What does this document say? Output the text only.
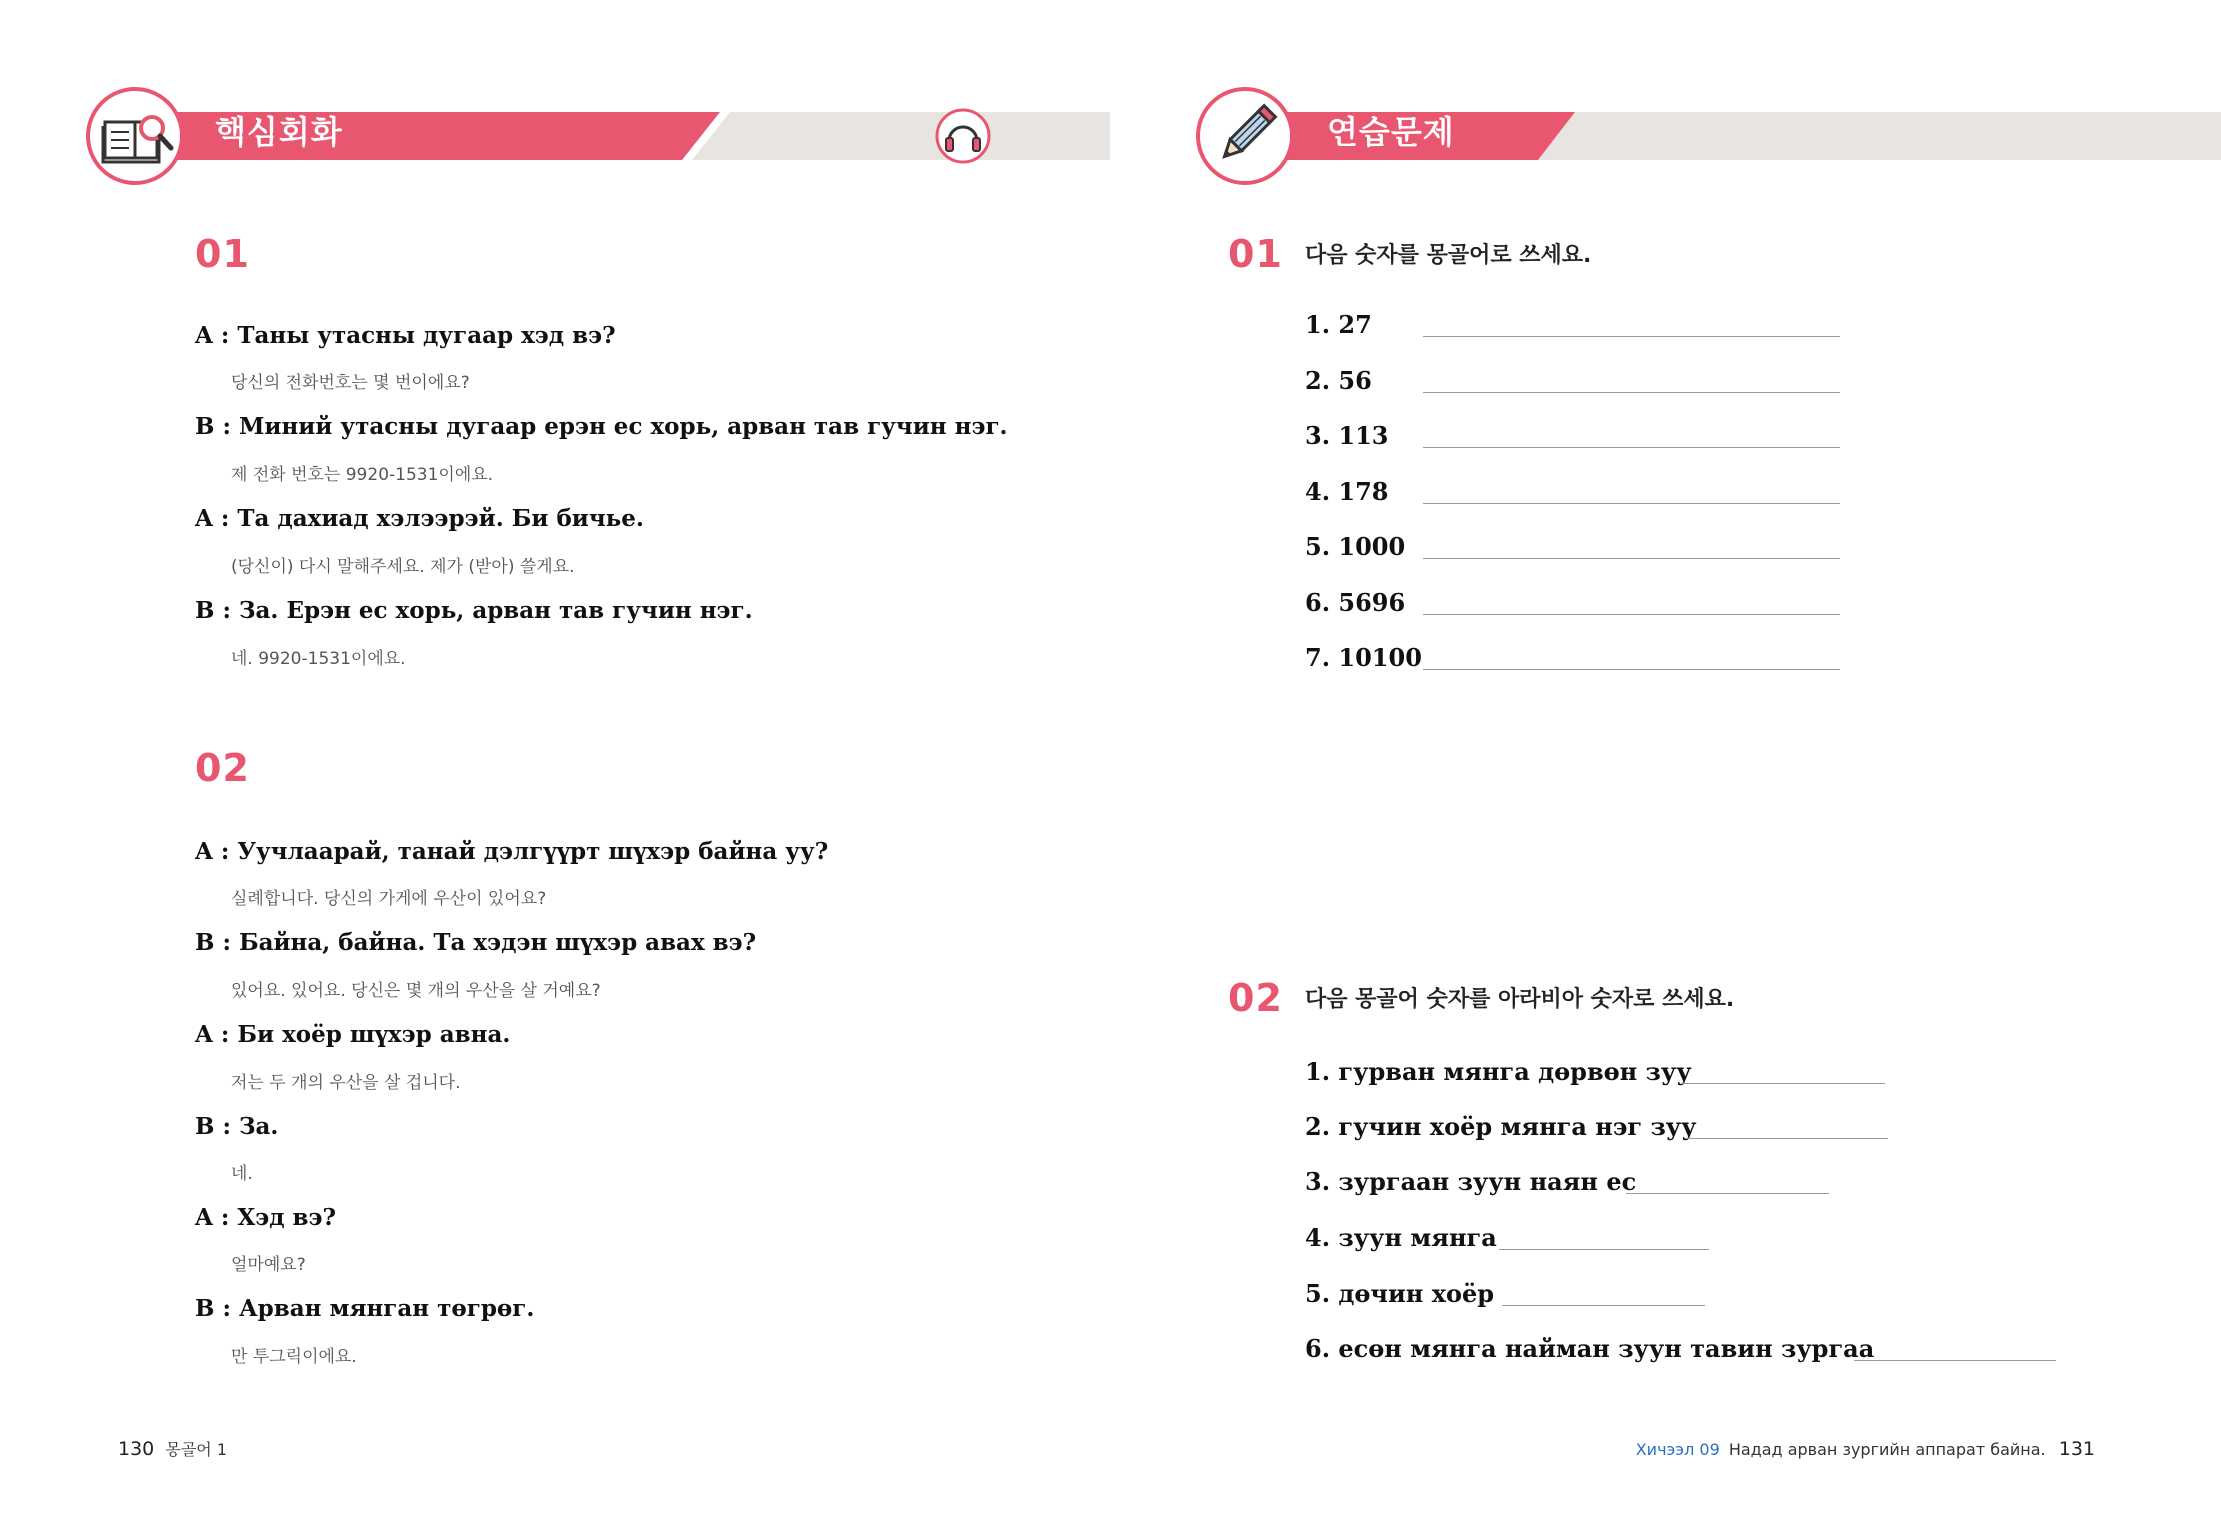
핵심회화
01
A : Таны утасны дугаар хэд вэ?
당신의 전화번호는 몇 번이에요?
B : Миний утасны дугаар ерэн ес хорь, арван тав гучин нэг.
제 전화 번호는 9920-1531이에요.
A : Та дахиад хэлээрэй. Би бичье.
(당신이) 다시 말해주세요. 제가 (받아) 쓸게요.
B : За. Ерэн ес хорь, арван тав гучин нэг.
네. 9920-1531이에요.
02
A : Уучлаарай, танай дэлгүүрт шүхэр байна уу?
실례합니다. 당신의 가게에 우산이 있어요?
B : Байна, байна. Та хэдэн шүхэр авах вэ?
있어요. 있어요. 당신은 몇 개의 우산을 살 거예요?
A : Би хоёр шүхэр авна.
저는 두 개의 우산을 살 겁니다.
B : За.
네.
A : Хэд вэ?
얼마예요?
B : Арван мянган төгрөг.
만 투그릭이에요.
130 몽골어 1
연습문제
01 다음 숫자를 몽골어로 쓰세요.
1. 27
2. 56
3. 113
4. 178
5. 1000
6. 5696
7. 10100
02 다음 몽골어 숫자를 아라비아 숫자로 쓰세요.
1. гурван мянга дөрвөн зуу
2. гучин хоёр мянга нэг зуу
3. зургаан зуун наян ес
4. зуун мянга
5. дөчин хоёр
6. есөн мянга найман зуун тавин зургаа
Хичээл 09 Надад арван зургийн аппарат байна. 131
